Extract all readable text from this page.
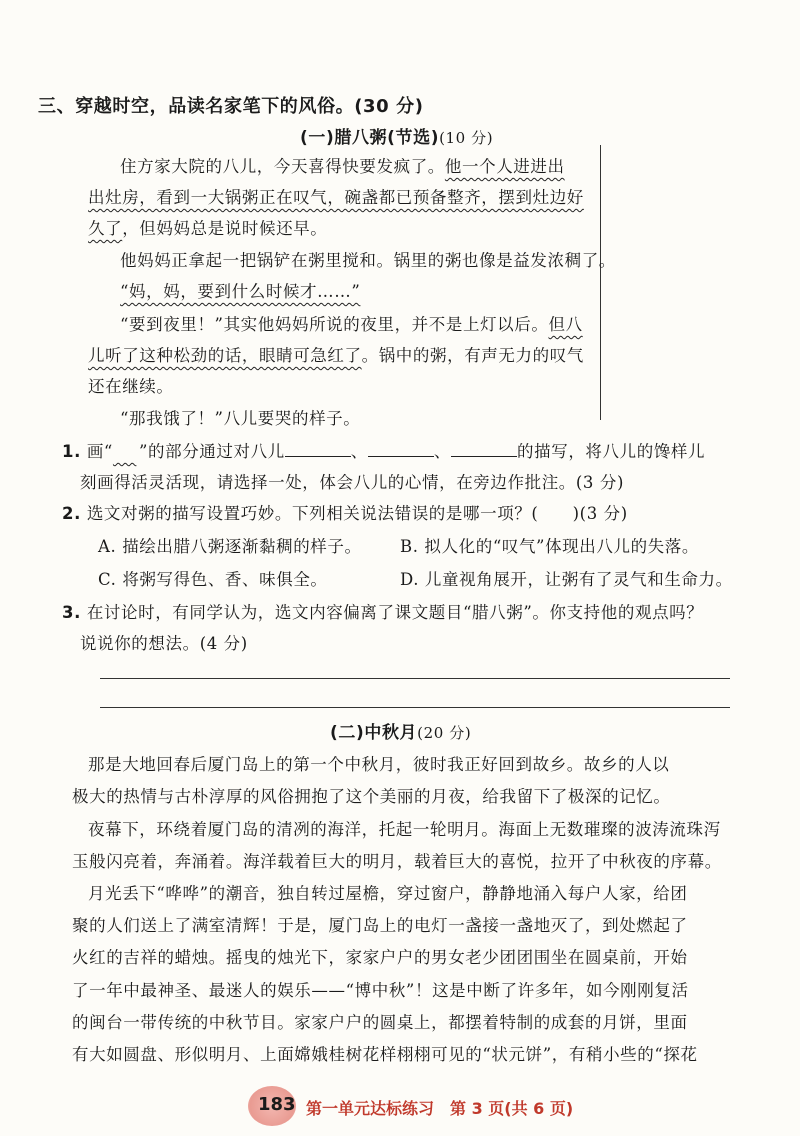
三、穿越时空，品读名家笔下的风俗。(30 分)
(一)腊八粥(节选)(10 分)
住方家大院的八儿，今天喜得快要发疯了。他一个人进进出
出灶房，看到一大锅粥正在叹气，碗盏都已预备整齐，摆到灶边好
久了，但妈妈总是说时候还早。
他妈妈正拿起一把锅铲在粥里搅和。锅里的粥也像是益发浓稠了。
“妈，妈，要到什么时候才……”
“要到夜里！”其实他妈妈所说的夜里，并不是上灯以后。但八
儿听了这种松劲的话，眼睛可急红了。锅中的粥，有声无力的叹气
还在继续。
“那我饿了！”八儿要哭的样子。
1. 画“ ”的部分通过对八儿	、	、	的描写，将八儿的馋样儿
刻画得活灵活现，请选择一处，体会八儿的心情，在旁边作批注。(3 分)
2. 选文对粥的描写设置巧妙。下列相关说法错误的是哪一项？(　　)(3 分)
A. 描绘出腊八粥逐渐黏稠的样子。 B. 拟人化的“叹气”体现出八儿的失落。
C. 将粥写得色、香、味俱全。	D. 儿童视角展开，让粥有了灵气和生命力。
3. 在讨论时，有同学认为，选文内容偏离了课文题目“腊八粥”。你支持他的观点吗？
说说你的想法。(4 分)
(二)中秋月(20 分)
那是大地回春后厦门岛上的第一个中秋月，彼时我正好回到故乡。故乡的人以
极大的热情与古朴淳厚的风俗拥抱了这个美丽的月夜，给我留下了极深的记忆。
夜幕下，环绕着厦门岛的清冽的海洋，托起一轮明月。海面上无数璀璨的波涛流珠泻
玉般闪亮着，奔涌着。海洋载着巨大的明月，载着巨大的喜悦，拉开了中秋夜的序幕。
月光丢下“哗哗”的潮音，独自转过屋檐，穿过窗户，静静地涌入每户人家，给团
聚的人们送上了满室清辉！于是，厦门岛上的电灯一盏接一盏地灭了，到处燃起了
火红的吉祥的蜡烛。摇曳的烛光下，家家户户的男女老少团团围坐在圆桌前，开始
了一年中最神圣、最迷人的娱乐——“博中秋”！这是中断了许多年，如今刚刚复活
的闽台一带传统的中秋节目。家家户户的圆桌上，都摆着特制的成套的月饼，里面
有大如圆盘、形似明月、上面嫦娥桂树花样栩栩可见的“状元饼”，有稍小些的“探花
183 第一单元达标练习　第 3 页(共 6 页)
